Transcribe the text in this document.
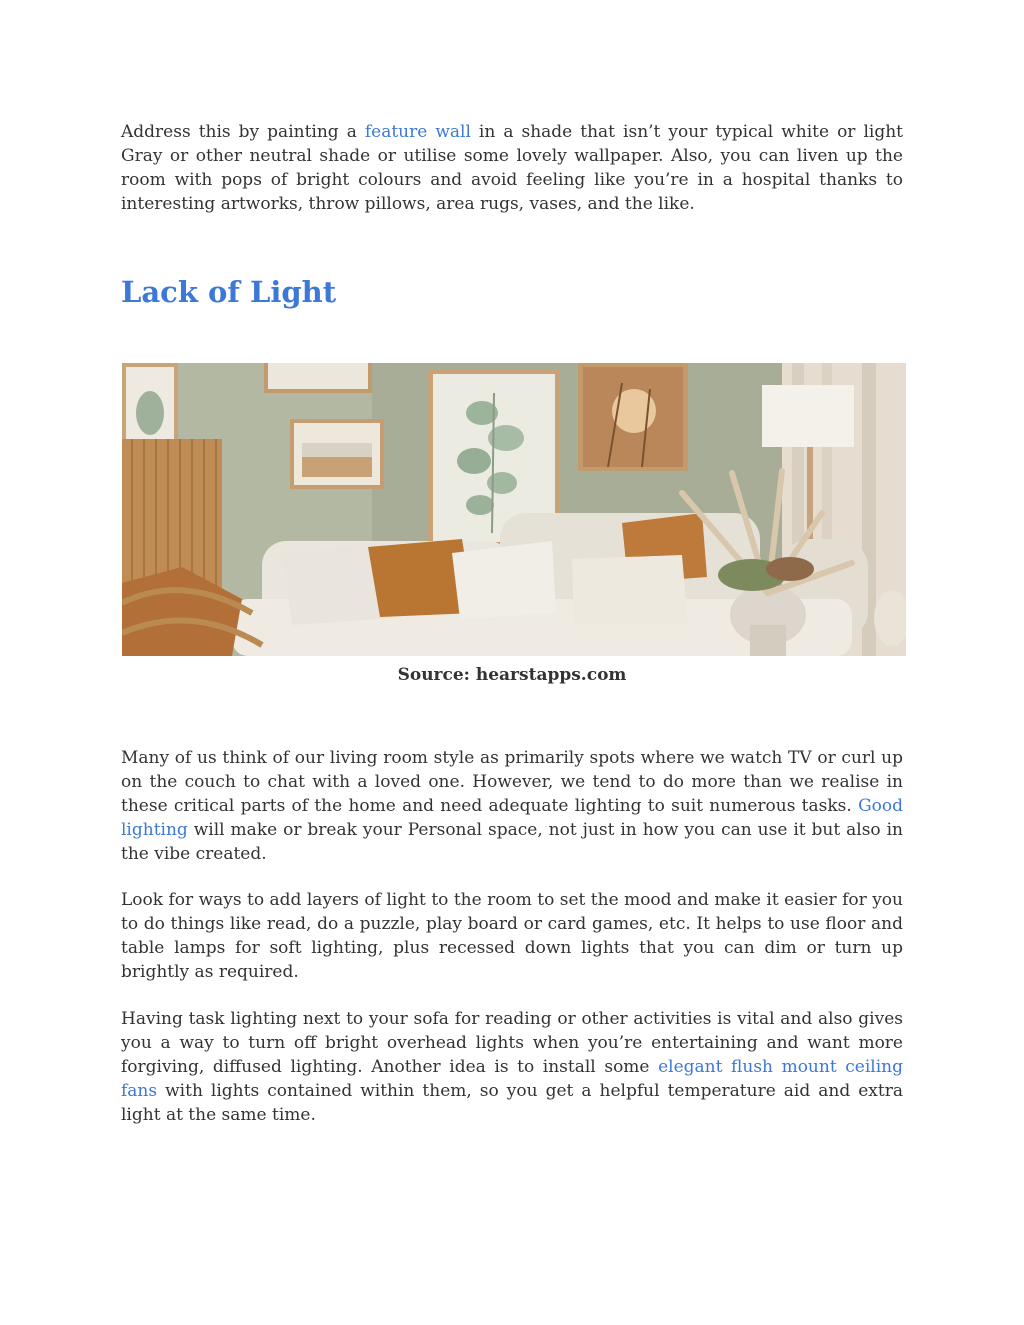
Address this by painting a feature wall in a shade that isn’t your typical white or light Gray or other neutral shade or utilise some lovely wallpaper. Also, you can liven up the room with pops of bright colours and avoid feeling like you’re in a hospital thanks to interesting artworks, throw pillows, area rugs, vases, and the like.

Lack of Light
Source: hearstapps.com

Many of us think of our living room style as primarily spots where we watch TV or curl up on the couch to chat with a loved one. However, we tend to do more than we realise in these critical parts of the home and need adequate lighting to suit numerous tasks. Good lighting will make or break your Personal space, not just in how you can use it but also in the vibe created.

Look for ways to add layers of light to the room to set the mood and make it easier for you to do things like read, do a puzzle, play board or card games, etc. It helps to use floor and table lamps for soft lighting, plus recessed down lights that you can dim or turn up brightly as required.

Having task lighting next to your sofa for reading or other activities is vital and also gives you a way to turn off bright overhead lights when you’re entertaining and want more forgiving, diffused lighting. Another idea is to install some elegant flush mount ceiling fans with lights contained within them, so you get a helpful temperature aid and extra light at the same time.
